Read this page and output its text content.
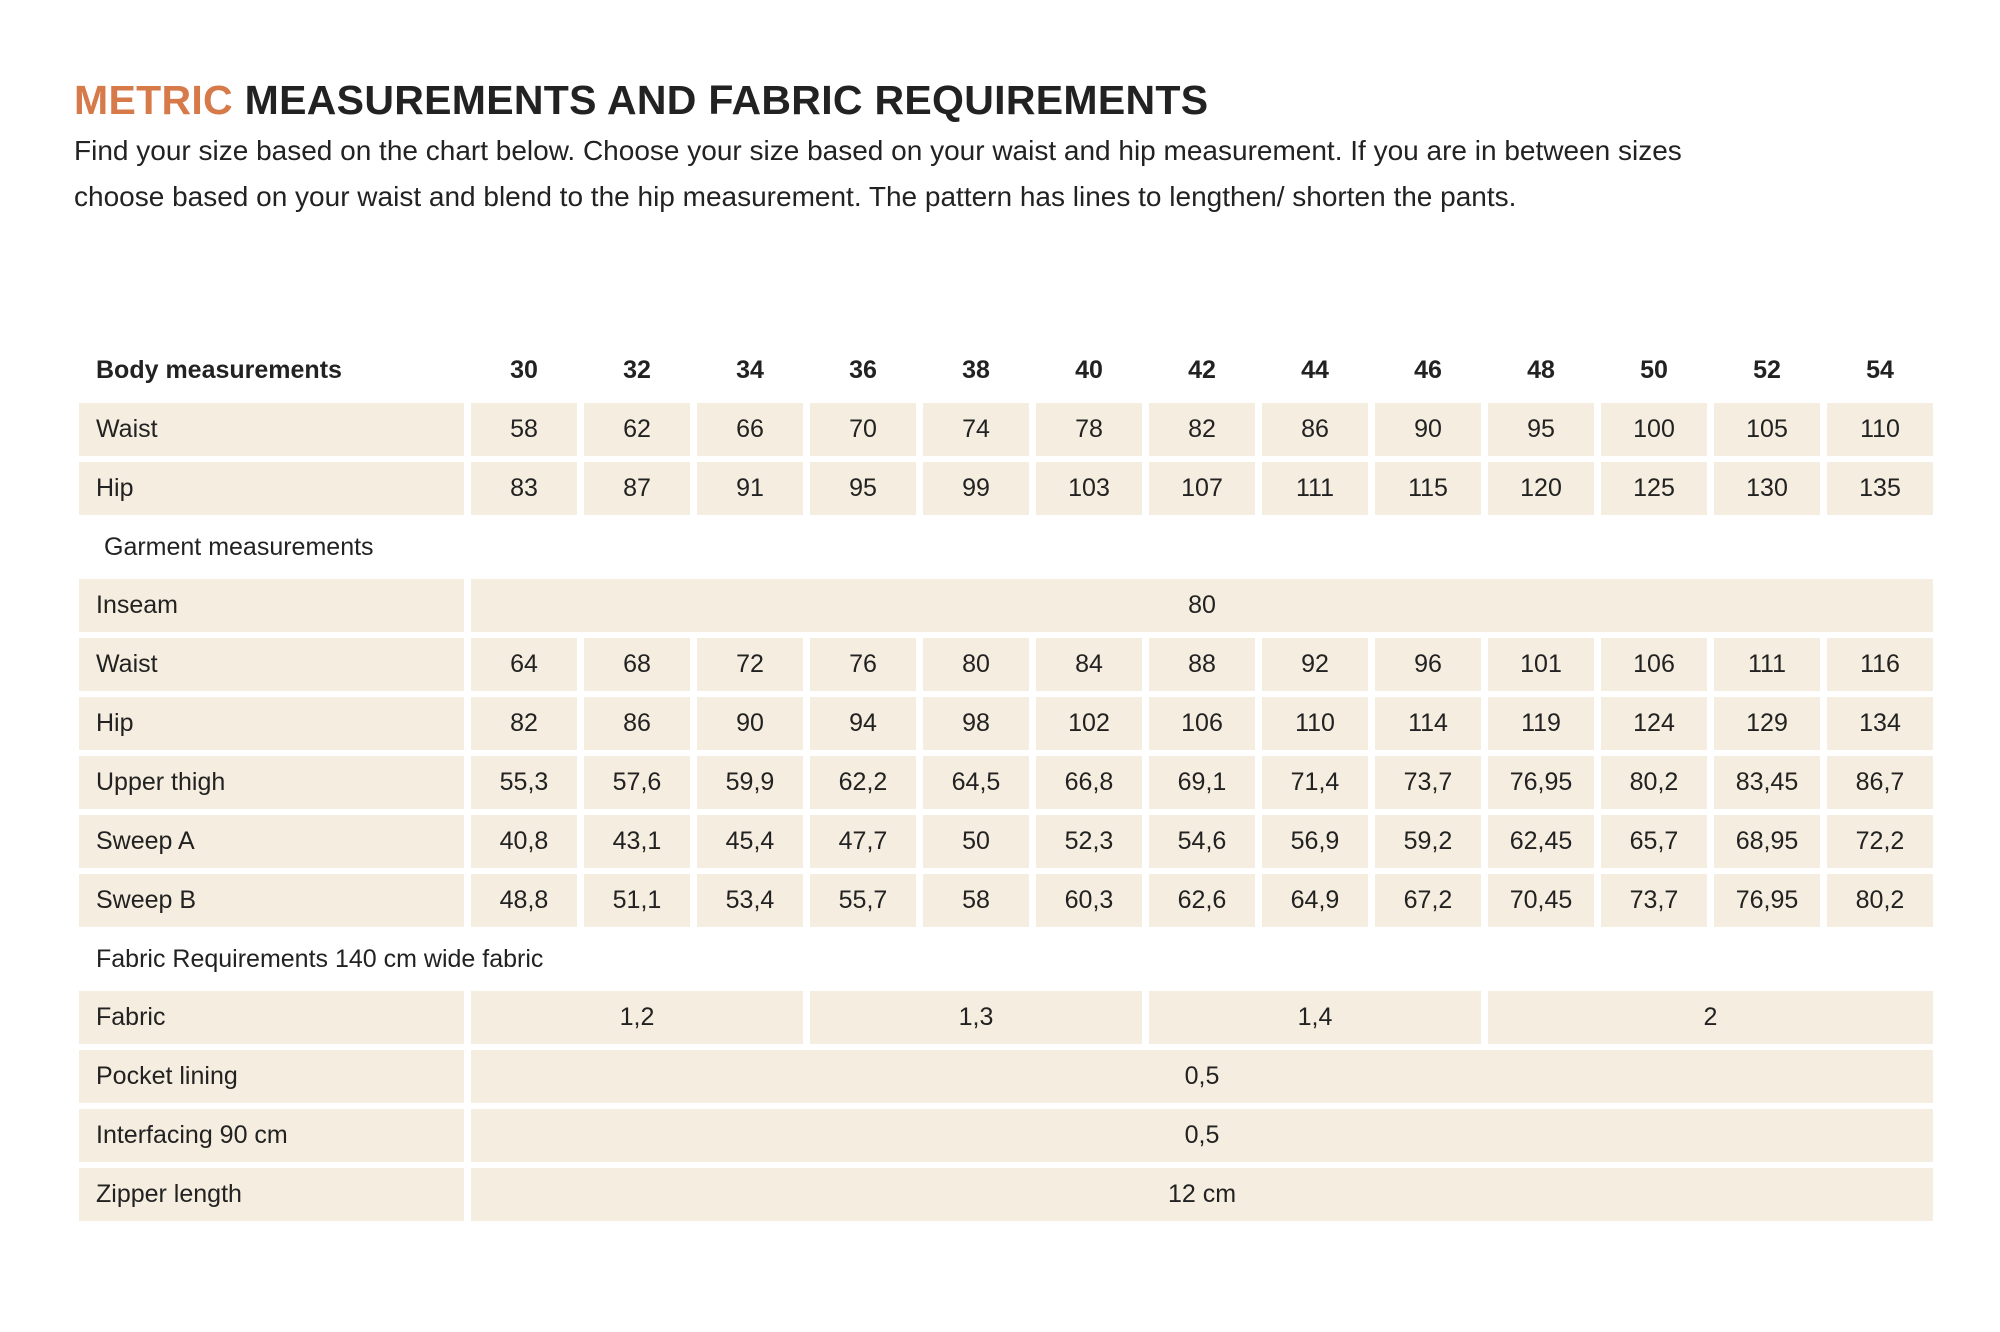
METRIC MEASUREMENTS AND FABRIC REQUIREMENTS

Find your size based on the chart below. Choose your size based on your waist and hip measurement. If you are in between sizes
choose based on your waist and blend to the hip measurement. The pattern has lines to lengthen/ shorten the pants.

Body measurements	30	32	34	36	38	40	42	44	46	48	50	52	54
Waist	58	62	66	70	74	78	82	86	90	95	100	105	110
Hip	83	87	91	95	99	103	107	111	115	120	125	130	135
Garment measurements													
Inseam	80												
Waist	64	68	72	76	80	84	88	92	96	101	106	111	116
Hip	82	86	90	94	98	102	106	110	114	119	124	129	134
Upper thigh	55,3	57,6	59,9	62,2	64,5	66,8	69,1	71,4	73,7	76,95	80,2	83,45	86,7
Sweep A	40,8	43,1	45,4	47,7	50	52,3	54,6	56,9	59,2	62,45	65,7	68,95	72,2
Sweep B	48,8	51,1	53,4	55,7	58	60,3	62,6	64,9	67,2	70,45	73,7	76,95	80,2
Fabric Requirements 140 cm wide fabric													
Fabric	1,2			1,3			1,4			2			
Pocket lining	0,5												
Interfacing 90 cm	0,5												
Zipper length	12 cm												
